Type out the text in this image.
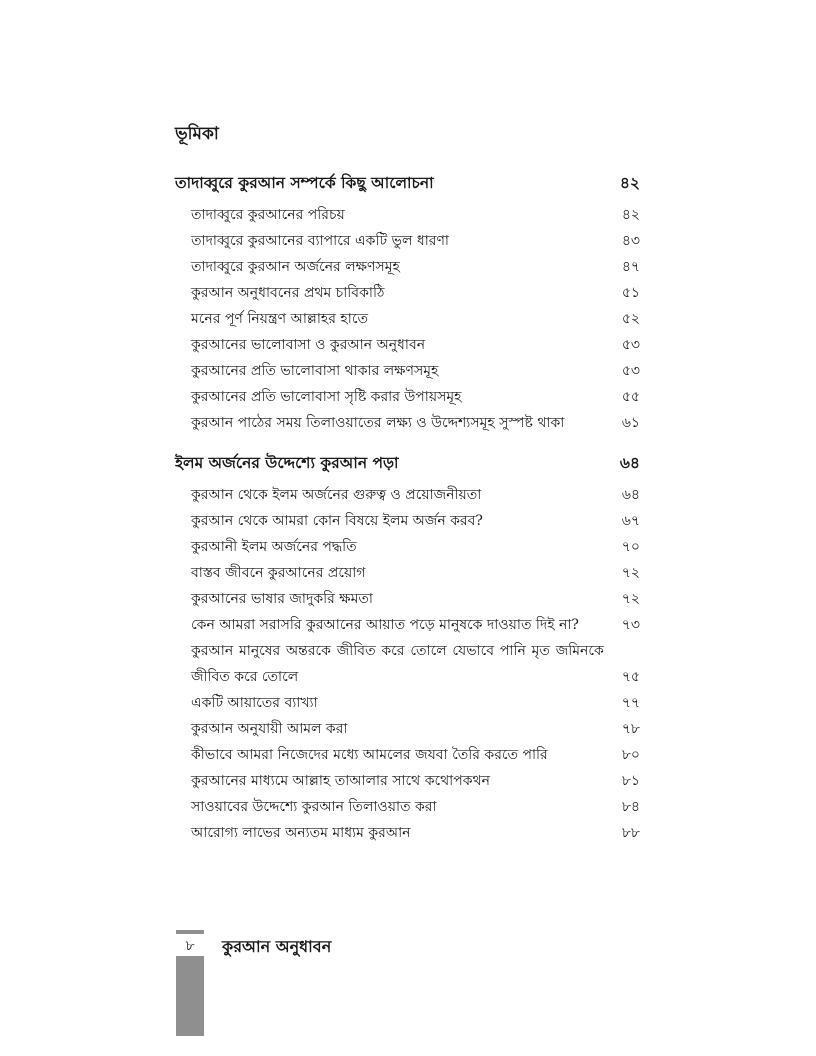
ভূমিকা
তাদাব্বুরে কুরআন সম্পর্কে কিছু আলোচনা	৪২
তাদাব্বুরে কুরআনের পরিচয়	৪২
তাদাব্বুরে কুরআনের ব্যাপারে একটি ভুল ধারণা	৪৩
তাদাব্বুরে কুরআন অর্জনের লক্ষণসমূহ	৪৭
কুরআন অনুধাবনের প্রথম চাবিকাঠি	৫১
মনের পূর্ণ নিয়ন্ত্রণ আল্লাহর হাতে	৫২
কুরআনের ভালোবাসা ও কুরআন অনুধাবন	৫৩
কুরআনের প্রতি ভালোবাসা থাকার লক্ষণসমূহ	৫৩
কুরআনের প্রতি ভালোবাসা সৃষ্টি করার উপায়সমূহ	৫৫
কুরআন পাঠের সময় তিলাওয়াতের লক্ষ্য ও উদ্দেশ্যসমূহ সুস্পষ্ট থাকা	৬১
ইলম অর্জনের উদ্দেশ্যে কুরআন পড়া	৬৪
কুরআন থেকে ইলম অর্জনের গুরুত্ব ও প্রয়োজনীয়তা	৬৪
কুরআন থেকে আমরা কোন বিষয়ে ইলম অর্জন করব?	৬৭
কুরআনী ইলম অর্জনের পদ্ধতি	৭০
বাস্তব জীবনে কুরআনের প্রয়োগ	৭২
কুরআনের ভাষার জাদুকরি ক্ষমতা	৭২
কেন আমরা সরাসরি কুরআনের আয়াত পড়ে মানুষকে দাওয়াত দিই না?	৭৩
কুরআন মানুষের অন্তরকে জীবিত করে তোলে যেভাবে পানি মৃত জমিনকে জীবিত করে তোলে	৭৫
একটি আয়াতের ব্যাখ্যা	৭৭
কুরআন অনুযায়ী আমল করা	৭৮
কীভাবে আমরা নিজেদের মধ্যে আমলের জযবা তৈরি করতে পারি	৮০
কুরআনের মাধ্যমে আল্লাহ তাআলার সাথে কথোপকথন	৮১
সাওয়াবের উদ্দেশ্যে কুরআন তিলাওয়াত করা	৮৪
আরোগ্য লাভের অন্যতম মাধ্যম কুরআন	৮৮
৮	কুরআন অনুধাবন
